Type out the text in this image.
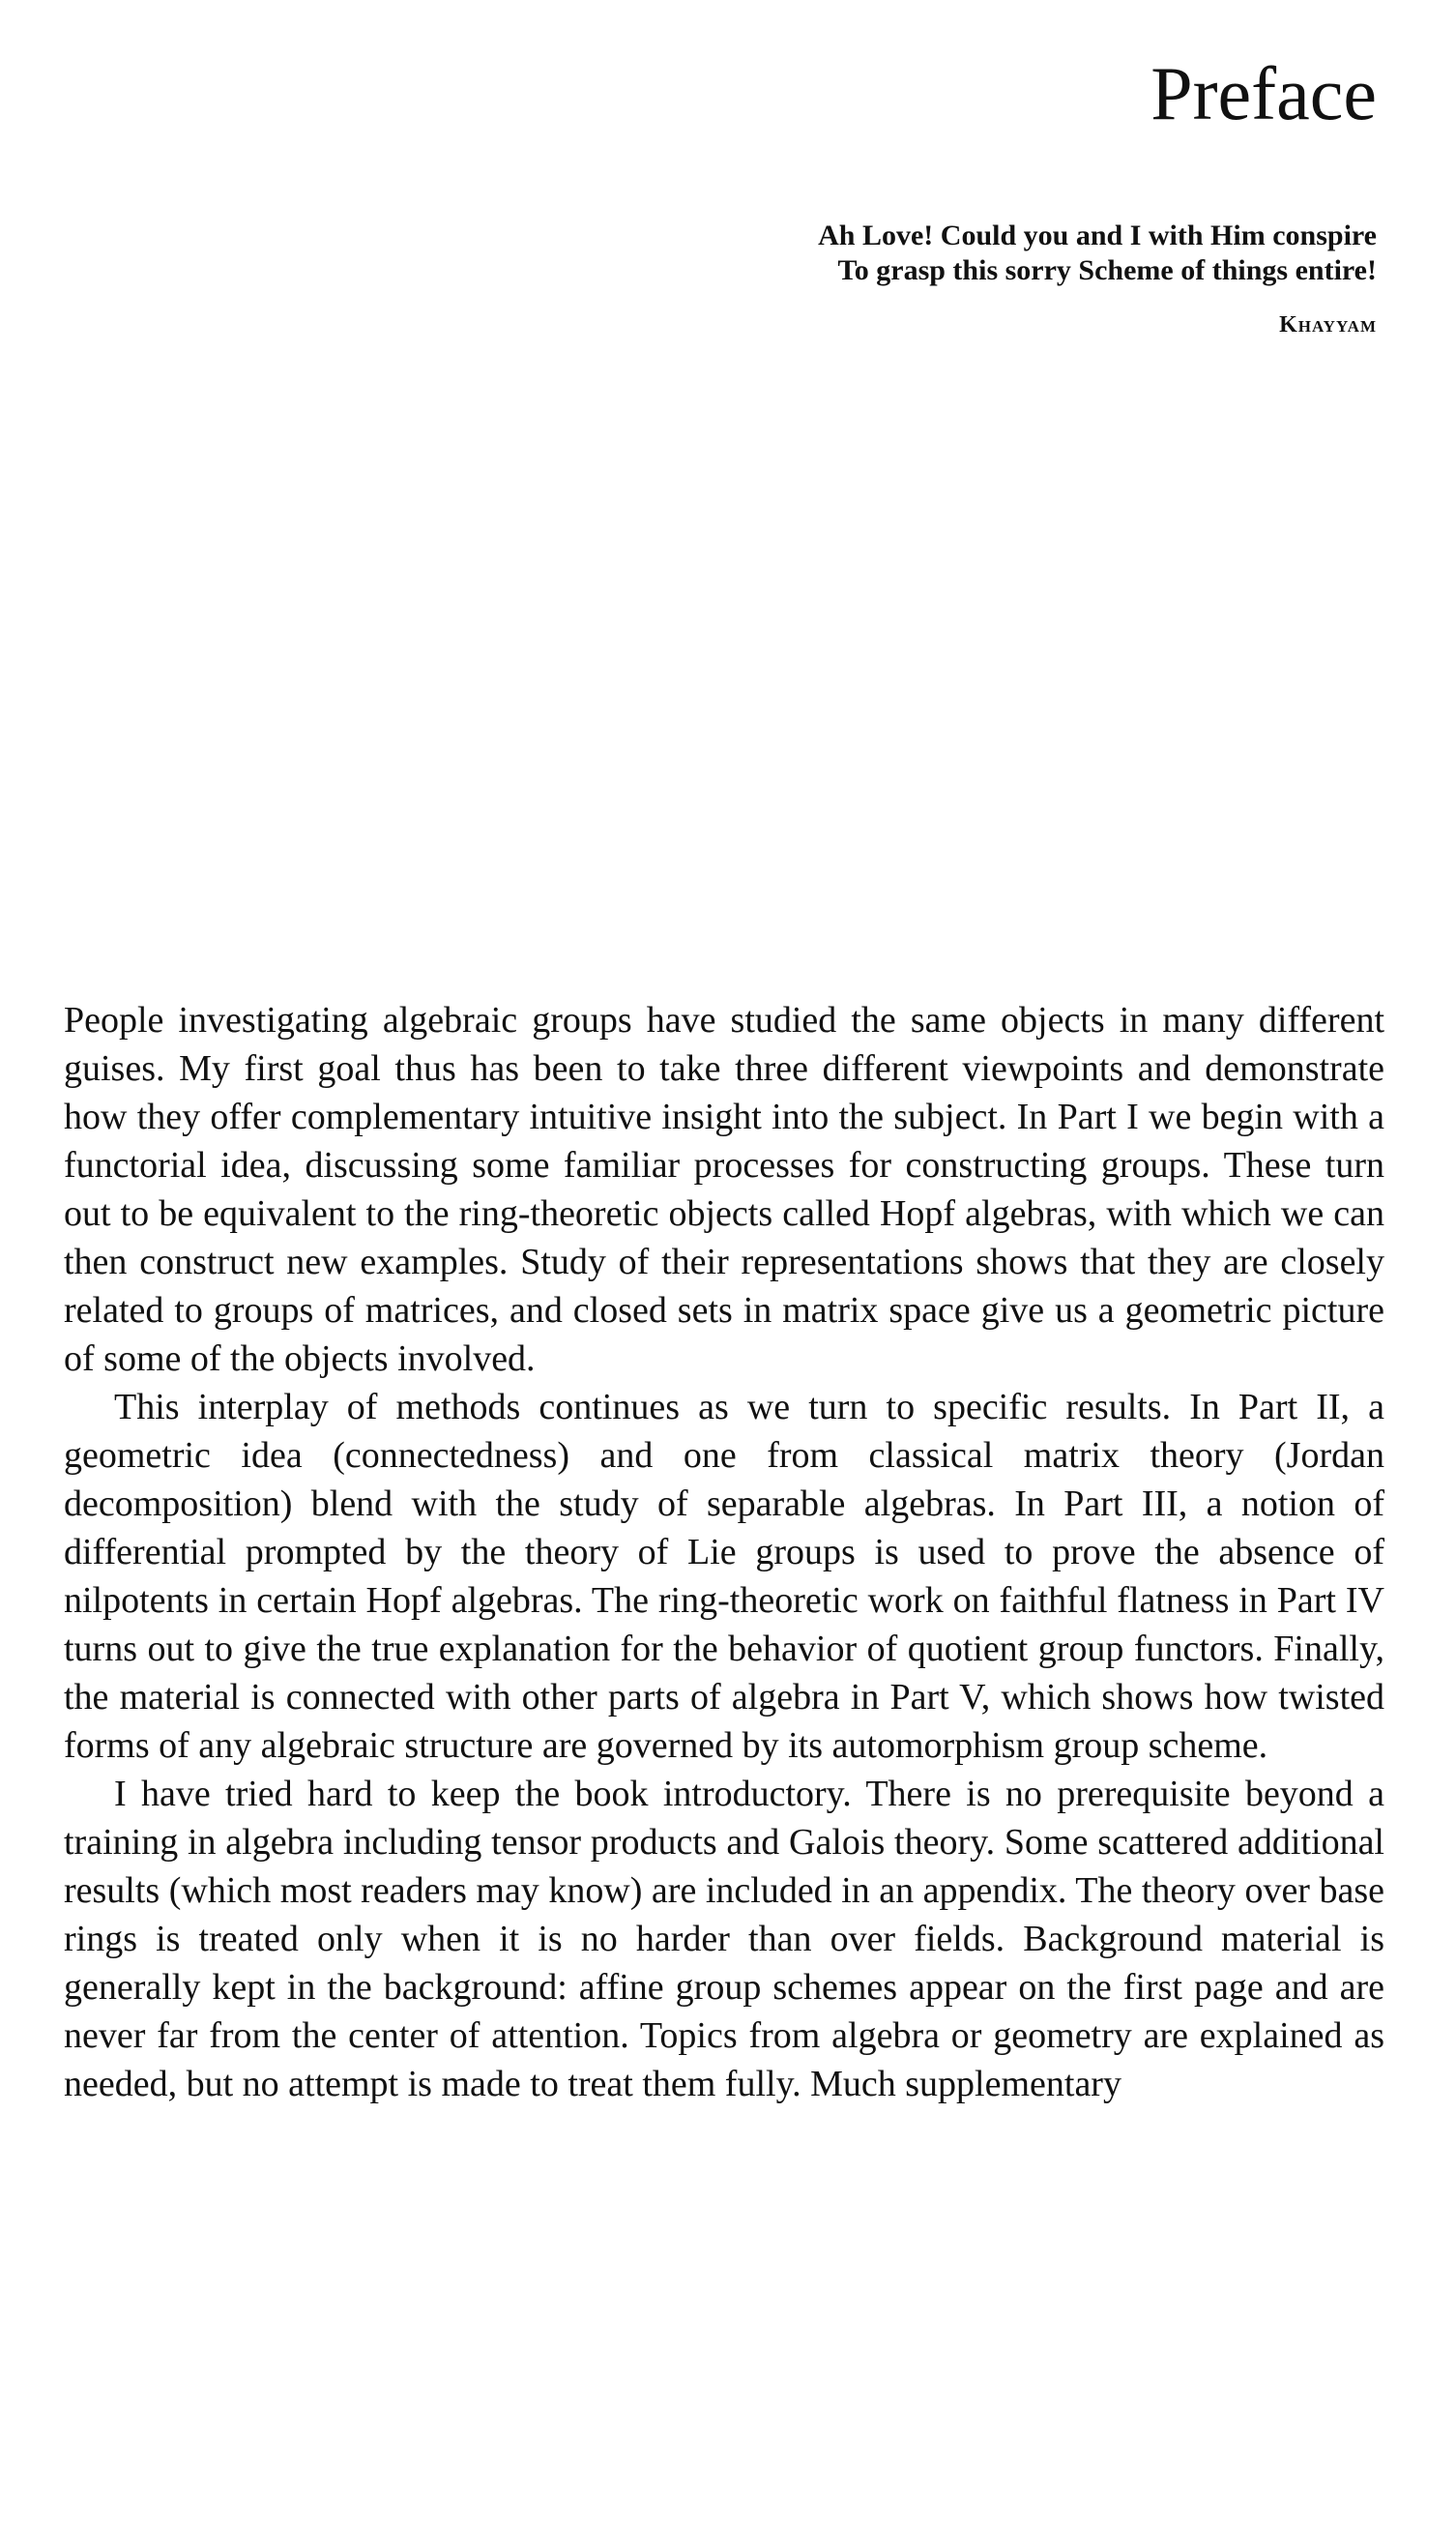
Preface
Ah Love! Could you and I with Him conspire
To grasp this sorry Scheme of things entire!
Khayyam

People investigating algebraic groups have studied the same objects in many different guises. My first goal thus has been to take three different viewpoints and demonstrate how they offer complementary intuitive insight into the subject. In Part I we begin with a functorial idea, discussing some familiar processes for constructing groups. These turn out to be equivalent to the ring-theoretic objects called Hopf algebras, with which we can then construct new examples. Study of their representations shows that they are closely related to groups of matrices, and closed sets in matrix space give us a geometric picture of some of the objects involved.

This interplay of methods continues as we turn to specific results. In Part II, a geometric idea (connectedness) and one from classical matrix theory (Jordan decomposition) blend with the study of separable algebras. In Part III, a notion of differential prompted by the theory of Lie groups is used to prove the absence of nilpotents in certain Hopf algebras. The ring-theoretic work on faithful flatness in Part IV turns out to give the true explanation for the behavior of quotient group functors. Finally, the material is connected with other parts of algebra in Part V, which shows how twisted forms of any algebraic structure are governed by its automorphism group scheme.

I have tried hard to keep the book introductory. There is no prerequisite beyond a training in algebra including tensor products and Galois theory. Some scattered additional results (which most readers may know) are included in an appendix. The theory over base rings is treated only when it is no harder than over fields. Background material is generally kept in the background: affine group schemes appear on the first page and are never far from the center of attention. Topics from algebra or geometry are explained as needed, but no attempt is made to treat them fully. Much supplementary
